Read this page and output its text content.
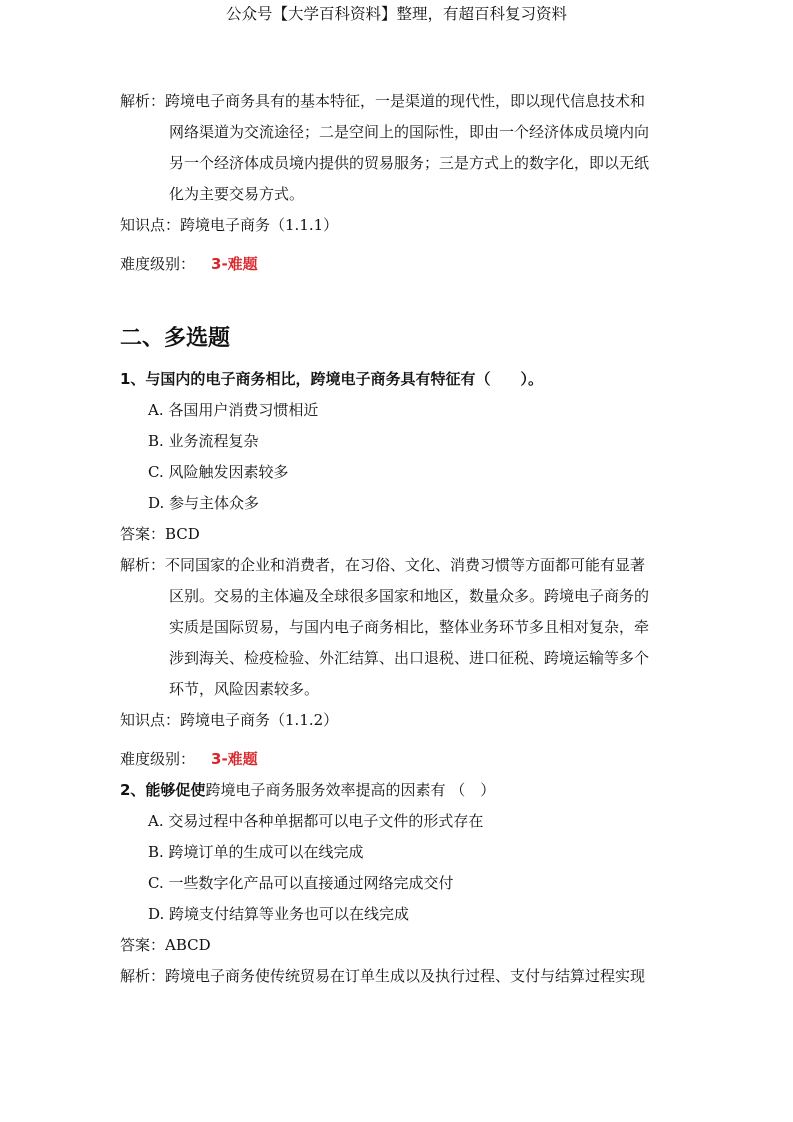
公众号【大学百科资料】整理，有超百科复习资料
解析：跨境电子商务具有的基本特征，一是渠道的现代性，即以现代信息技术和
网络渠道为交流途径；二是空间上的国际性，即由一个经济体成员境内向
另一个经济体成员境内提供的贸易服务；三是方式上的数字化，即以无纸
化为主要交易方式。
知识点：跨境电子商务（1.1.1）
难度级别： 3-难题
二、多选题
1、与国内的电子商务相比，跨境电子商务具有特征有（　　）。
A. 各国用户消费习惯相近
B. 业务流程复杂
C. 风险触发因素较多
D. 参与主体众多
答案：BCD
解析：不同国家的企业和消费者，在习俗、文化、消费习惯等方面都可能有显著
区别。交易的主体遍及全球很多国家和地区，数量众多。跨境电子商务的
实质是国际贸易，与国内电子商务相比，整体业务环节多且相对复杂，牵
涉到海关、检疫检验、外汇结算、出口退税、进口征税、跨境运输等多个
环节，风险因素较多。
知识点：跨境电子商务（1.1.2）
难度级别： 3-难题
2、能够促使跨境电子商务服务效率提高的因素有 （　）
A. 交易过程中各种单据都可以电子文件的形式存在
B. 跨境订单的生成可以在线完成
C. 一些数字化产品可以直接通过网络完成交付
D. 跨境支付结算等业务也可以在线完成
答案：ABCD
解析：跨境电子商务使传统贸易在订单生成以及执行过程、支付与结算过程实现
